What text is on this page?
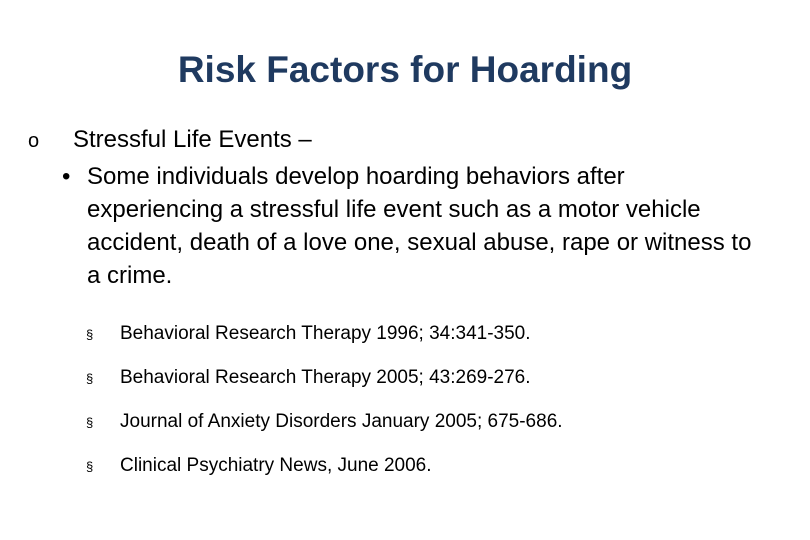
Risk Factors for Hoarding
o	Stressful Life Events –
• Some individuals develop hoarding behaviors after experiencing a stressful life event such as a motor vehicle accident, death of a love one, sexual abuse, rape or witness to a crime.
§	Behavioral Research Therapy 1996; 34:341-350.
§	Behavioral Research Therapy 2005; 43:269-276.
§	Journal of Anxiety Disorders January 2005; 675-686.
§	Clinical Psychiatry News, June 2006.
